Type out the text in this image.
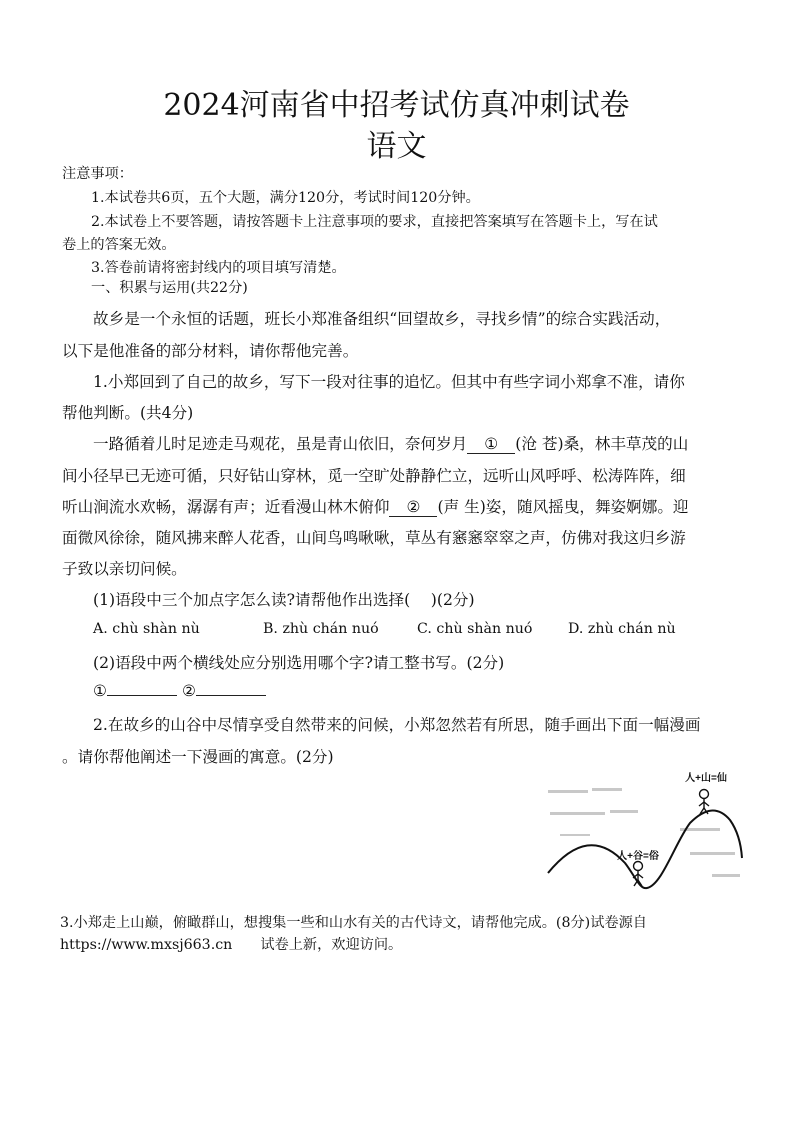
2024河南省中招考试仿真冲刺试卷
语文
注意事项：
1.本试卷共6页，五个大题，满分120分，考试时间120分钟。
2.本试卷上不要答题，请按答题卡上注意事项的要求，直接把答案填写在答题卡上，写在试
卷上的答案无效。
3.答卷前请将密封线内的项目填写清楚。
一、积累与运用(共22分)
故乡是一个永恒的话题，班长小郑准备组织“回望故乡，寻找乡情”的综合实践活动，
以下是他准备的部分材料，请你帮他完善。
1.小郑回到了自己的故乡，写下一段对往事的追忆。但其中有些字词小郑拿不准，请你
帮他判断。(共4分)
一路循着儿时足迹走马观花，虽是青山依旧，奈何岁月 ① (沧 苍)桑，林丰草茂的山
间小径早已无迹可循，只好钻山穿林，觅一空旷处静静伫立，远听山风呼呼、松涛阵阵，细
听山涧流水欢畅，潺潺有声；近看漫山林木俯仰 ② (声 生)姿，随风摇曳，舞姿婀娜。迎
面微风徐徐，随风拂来醉人花香，山间鸟鸣啾啾，草丛有窸窸窣窣之声，仿佛对我这归乡游
子致以亲切问候。
(1)语段中三个加点字怎么读?请帮他作出选择(　 )(2分)
A. chù shàn nù	B. zhù chán nuó	C. chù shàn nuó	D. zhù chán nù
(2)语段中两个横线处应分别选用哪个字?请工整书写。(2分)
①	②
2.在故乡的山谷中尽情享受自然带来的问候，小郑忽然若有所思，随手画出下面一幅漫画
。请你帮他阐述一下漫画的寓意。(2分)
人+山=仙
人+谷=俗
3.小郑走上山巅，俯瞰群山，想搜集一些和山水有关的古代诗文，请帮他完成。(8分)试卷源自
https://www.mxsj663.cn 试卷上新，欢迎访问。
